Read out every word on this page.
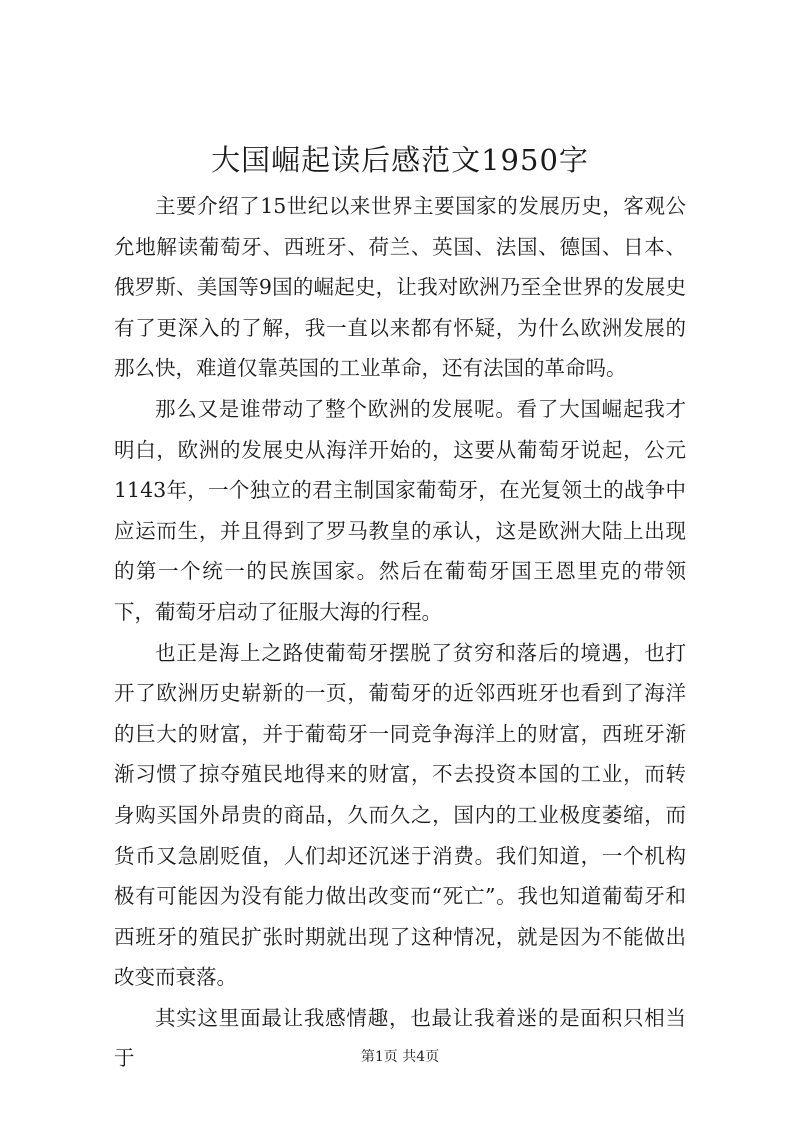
大国崛起读后感范文1950字

主要介绍了15世纪以来世界主要国家的发展历史，客观公允地解读葡萄牙、西班牙、荷兰、英国、法国、德国、日本、俄罗斯、美国等9国的崛起史，让我对欧洲乃至全世界的发展史有了更深入的了解，我一直以来都有怀疑，为什么欧洲发展的那么快，难道仅靠英国的工业革命，还有法国的革命吗。

那么又是谁带动了整个欧洲的发展呢。看了大国崛起我才明白，欧洲的发展史从海洋开始的，这要从葡萄牙说起，公元1143年，一个独立的君主制国家葡萄牙，在光复领土的战争中应运而生，并且得到了罗马教皇的承认，这是欧洲大陆上出现的第一个统一的民族国家。然后在葡萄牙国王恩里克的带领下，葡萄牙启动了征服大海的行程。

也正是海上之路使葡萄牙摆脱了贫穷和落后的境遇，也打开了欧洲历史崭新的一页，葡萄牙的近邻西班牙也看到了海洋的巨大的财富，并于葡萄牙一同竞争海洋上的财富，西班牙渐渐习惯了掠夺殖民地得来的财富，不去投资本国的工业，而转身购买国外昂贵的商品，久而久之，国内的工业极度萎缩，而货币又急剧贬值，人们却还沉迷于消费。我们知道，一个机构极有可能因为没有能力做出改变而“死亡”。我也知道葡萄牙和西班牙的殖民扩张时期就出现了这种情况，就是因为不能做出改变而衰落。

其实这里面最让我感情趣，也最让我着迷的是面积只相当于	第1页 共4页
